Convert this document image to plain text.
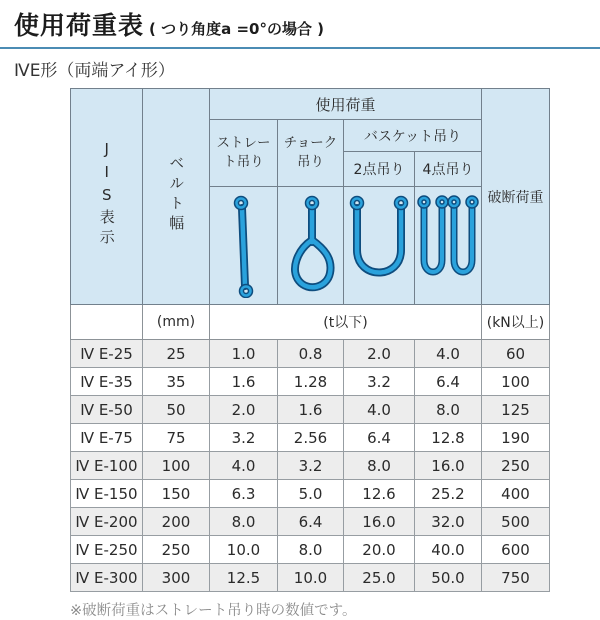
使用荷重表 ( つり角度a =0°の場合 )
ⅣE形（両端アイ形）
JIS表示	ベルト幅	使用荷重				破断荷重
		ストレート吊り	チョーク吊り	バスケット吊り		
				2点吊り	4点吊り	

	(mm)	(t以下)				(kN以上)
Ⅳ E-25	25	1.0	0.8	2.0	4.0	60
Ⅳ E-35	35	1.6	1.28	3.2	6.4	100
Ⅳ E-50	50	2.0	1.6	4.0	8.0	125
Ⅳ E-75	75	3.2	2.56	6.4	12.8	190
Ⅳ E-100	100	4.0	3.2	8.0	16.0	250
Ⅳ E-150	150	6.3	5.0	12.6	25.2	400
Ⅳ E-200	200	8.0	6.4	16.0	32.0	500
Ⅳ E-250	250	10.0	8.0	20.0	40.0	600
Ⅳ E-300	300	12.5	10.0	25.0	50.0	750
※破断荷重はストレート吊り時の数値です。
